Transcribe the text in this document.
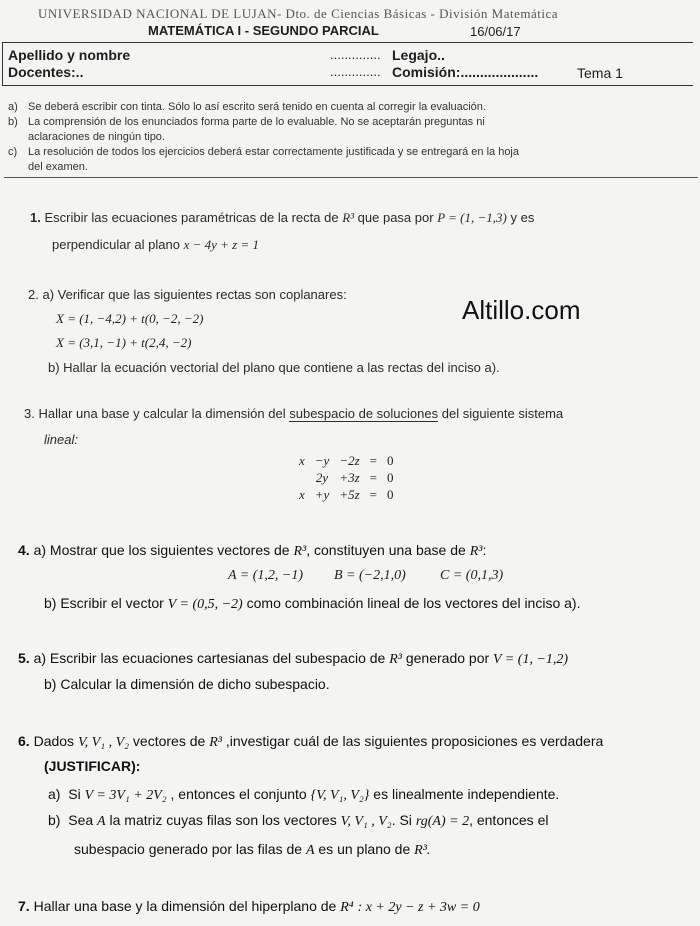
UNIVERSIDAD NACIONAL DE LUJAN- Dto. de Ciencias Básicas - División Matemática
MATEMÁTICA I - SEGUNDO PARCIAL	16/06/17
Apellido y nombre	.............. Legajo..
Docentes:..	.............. Comisión:....................	Tema 1
a) Se deberá escribir con tinta. Sólo lo así escrito será tenido en cuenta al corregir la evaluación.
b) La comprensión de los enunciados forma parte de lo evaluable. No se aceptarán preguntas ni
aclaraciones de ningún tipo.
c) La resolución de todos los ejercicios deberá estar correctamente justificada y se entregará en la hoja
del examen.
Altillo.com
1. Escribir las ecuaciones paramétricas de la recta de R³ que pasa por P = (1, −1,3) y es
perpendicular al plano x − 4y + z = 1
2. a) Verificar que las siguientes rectas son coplanares:
X = (1, −4,2) + t(0, −2, −2)
X = (3,1, −1) + t(2,4, −2)
b) Hallar la ecuación vectorial del plano que contiene a las rectas del inciso a).
3. Hallar una base y calcular la dimensión del subespacio de soluciones del siguiente sistema
lineal:
x	−y	−2z	=	0
	2y	+3z	=	0
x	+y	+5z	=	0
4. a) Mostrar que los siguientes vectores de R³, constituyen una base de R³:
A = (1,2, −1) B = (−2,1,0) C = (0,1,3)
b) Escribir el vector V = (0,5, −2) como combinación lineal de los vectores del inciso a).
5. a) Escribir las ecuaciones cartesianas del subespacio de R³ generado por V = (1, −1,2)
b) Calcular la dimensión de dicho subespacio.
6. Dados V, V₁ , V₂ vectores de R³ ,investigar cuál de las siguientes proposiciones es verdadera
(JUSTIFICAR):
a) Si V = 3V₁ + 2V₂ , entonces el conjunto {V, V₁, V₂} es linealmente independiente.
b) Sea A la matriz cuyas filas son los vectores V, V₁ , V₂. Si rg(A) = 2, entonces el
subespacio generado por las filas de A es un plano de R³.
7. Hallar una base y la dimensión del hiperplano de R⁴ : x + 2y − z + 3w = 0
